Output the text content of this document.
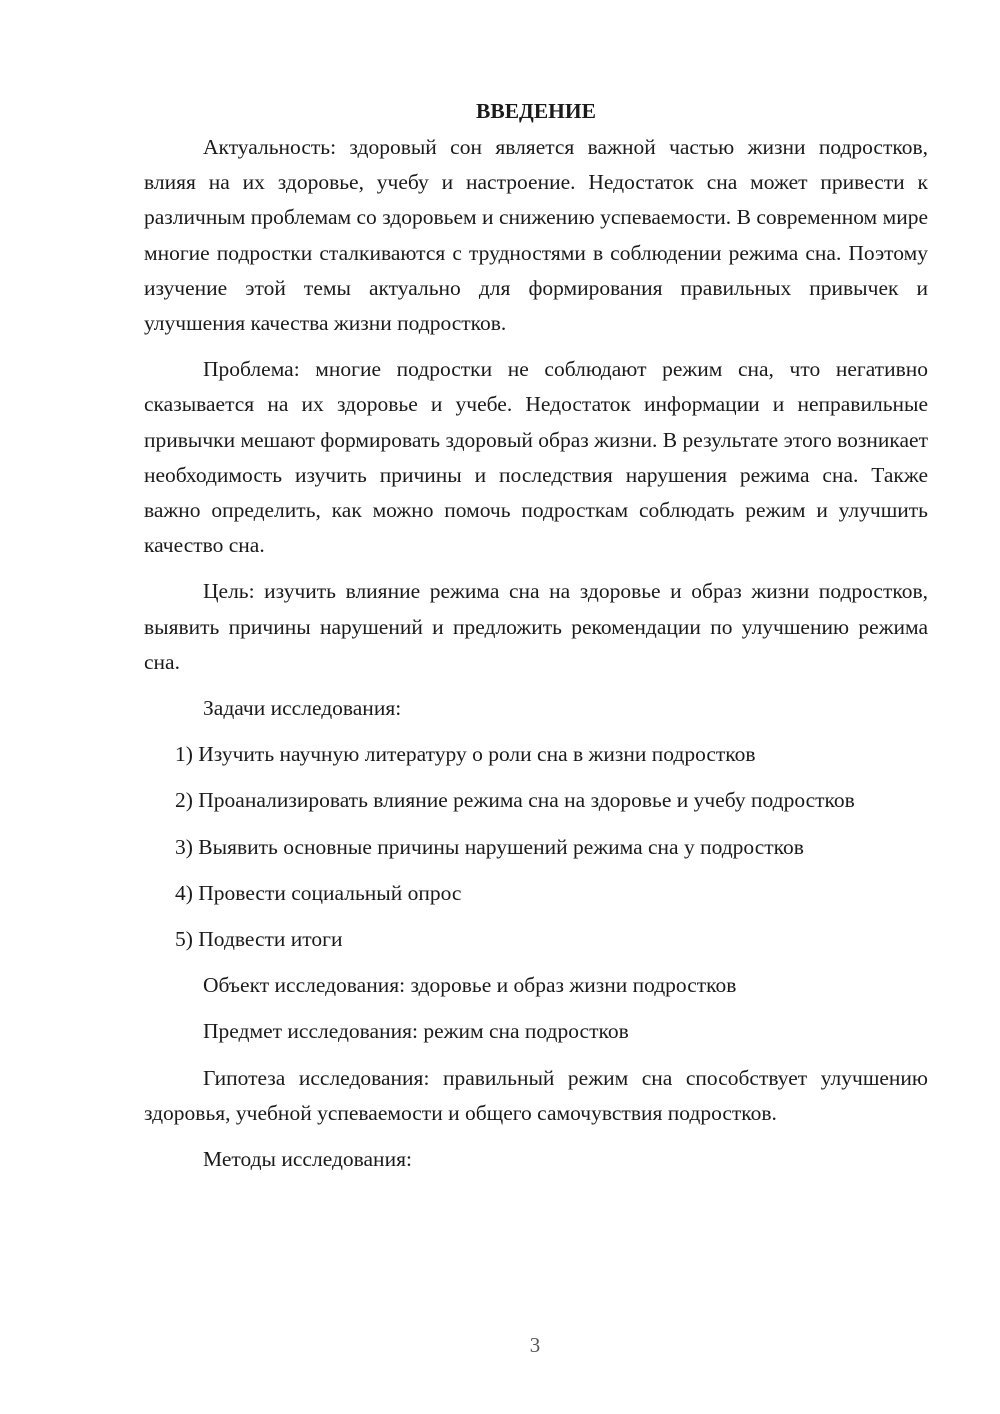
ВВЕДЕНИЕ

Актуальность: здоровый сон является важной частью жизни подростков, влияя на их здоровье, учебу и настроение. Недостаток сна может привести к различным проблемам со здоровьем и снижению успеваемости. В современном мире многие подростки сталкиваются с трудностями в соблюдении режима сна. Поэтому изучение этой темы актуально для формирования правильных привычек и улучшения качества жизни подростков.

Проблема: многие подростки не соблюдают режим сна, что негативно сказывается на их здоровье и учебе. Недостаток информации и неправильные привычки мешают формировать здоровый образ жизни. В результате этого возникает необходимость изучить причины и последствия нарушения режима сна. Также важно определить, как можно помочь подросткам соблюдать режим и улучшить качество сна.

Цель: изучить влияние режима сна на здоровье и образ жизни подростков, выявить причины нарушений и предложить рекомендации по улучшению режима сна.

Задачи исследования:

1) Изучить научную литературу о роли сна в жизни подростков

2) Проанализировать влияние режима сна на здоровье и учебу подростков

3) Выявить основные причины нарушений режима сна у подростков

4) Провести социальный опрос

5) Подвести итоги

Объект исследования: здоровье и образ жизни подростков

Предмет исследования: режим сна подростков

Гипотеза исследования: правильный режим сна способствует улучшению здоровья, учебной успеваемости и общего самочувствия подростков.

Методы исследования:

3
